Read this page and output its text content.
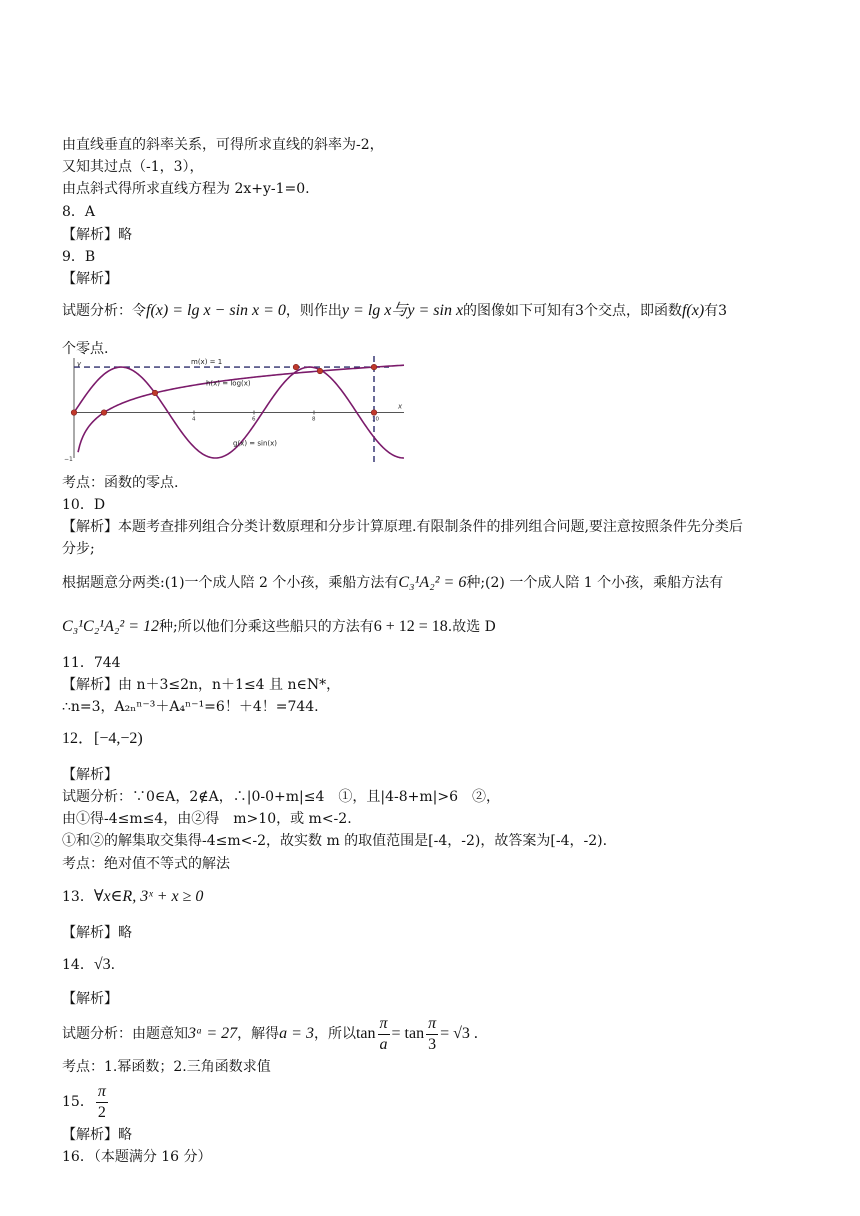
由直线垂直的斜率关系，可得所求直线的斜率为-2，
又知其过点（-1，3），
由点斜式得所求直线方程为 2x+y-1=0.
8．A
【解析】略
9．B
【解析】
试题分析：令f(x) = lg x − sin x = 0，则作出y = lg x与y = sin x的图像如下可知有3个交点，即函数f(x)有3
个零点.
x
y
−1
4	6	8	10
m(x) = 1
h(x) = log(x)
g(x) = sin(x)
考点：函数的零点.
10．D
【解析】本题考查排列组合分类计数原理和分步计算原理.有限制条件的排列组合问题,要注意按照条件先分类后
分步;
根据题意分两类:(1)一个成人陪 2 个小孩，乘船方法有C₃¹A₂² = 6种;(2) 一个成人陪 1 个小孩，乘船方法有
C₃¹C₂¹A₂² = 12种;所以他们分乘这些船只的方法有6 + 12 = 18.故选 D
11．744
【解析】由 n＋3≤2n，n＋1≤4 且 n∈N*，
∴n=3，A₂ₙⁿ⁻³＋A₄ⁿ⁻¹=6！＋4！=744.
12．[−4,−2)
【解析】
试题分析：∵0∈A，2∉A，∴|0-0+m|≤4　①，且|4-8+m|>6　②，
由①得-4≤m≤4，由②得　m>10，或 m<-2.
①和②的解集取交集得-4≤m<-2，故实数 m 的取值范围是[-4，-2)，故答案为[-4，-2).
考点：绝对值不等式的解法
13．∀x∈R, 3ˣ + x ≥ 0
【解析】略
14．√3.
【解析】
试题分析：由题意知3ᵃ = 27，解得a = 3，所以$\tan \frac{\pi}{a} = \tan \frac{\pi}{3} = √3$ .
考点：1.幂函数；2.三角函数求值
15． $\frac{\pi}{2}$
【解析】略
16．（本题满分 16 分）
